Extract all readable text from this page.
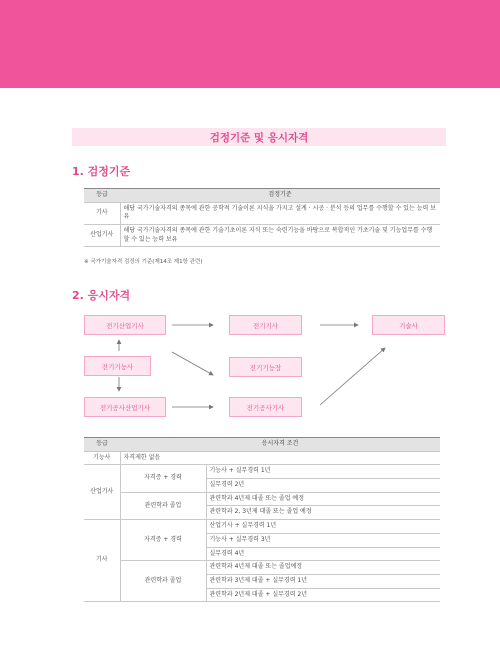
검정기준 및 응시자격
1. 검정기준
등급	검정기준
기사	해당 국가기술자격의 종목에 관한 공학적 기술이론 지식을 가지고 설계 · 시공 · 분석 등의 업무를 수행할 수 있는 능력 보유
산업기사	해당 국가기술자격의 종목에 관한 기술기초이론 지식 또는 숙련기능을 바탕으로 복합적인 기초기술 및 기능업무를 수행할 수 있는 능력 보유
※ 국가기술자격 검정의 기준(제14조 제1항 관련)
2. 응시자격
전기산업기사	전기기사	기술사
전기기능사	전기기능장
전기공사산업기사	전기공사기사
등급	응시자격 조건	
기능사	자격제한 없음	
산업기사	자격증 + 경력	기능사 + 실무경력 1년
		실무경력 2년
	관련학과 졸업	관련학과 4년제 대졸 또는 졸업 예정
		관련학과 2, 3년제 대졸 또는 졸업 예정
기사	자격증 + 경력	산업기사 + 실무경력 1년
		기능사 + 실무경력 3년
		실무경력 4년
	관련학과 졸업	관련학과 4년제 대졸 또는 졸업예정
		관련학과 3년제 대졸 + 실무경력 1년
		관련학과 2년제 대졸 + 실무경력 2년
